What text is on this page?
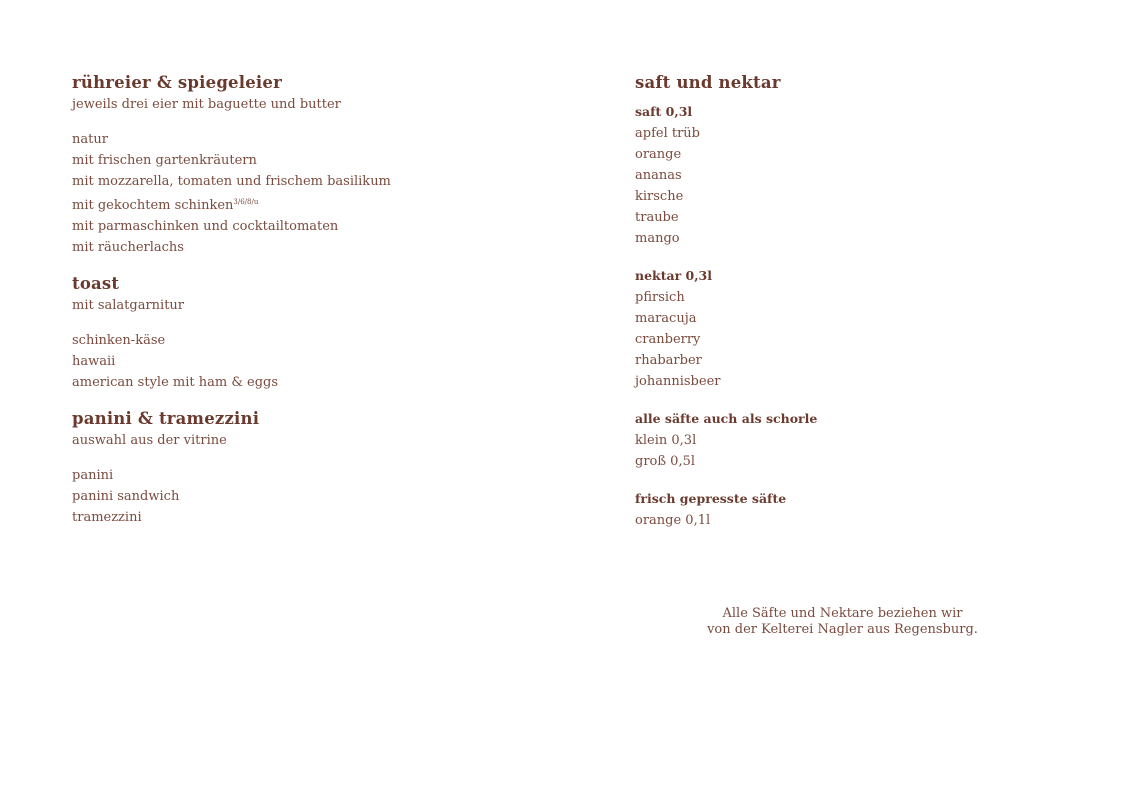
rühreier & spiegeleier

jeweils drei eier mit baguette und butter

natur
mit frischen gartenkräutern
mit mozzarella, tomaten und frischem basilikum
mit gekochtem schinken$^{3/6/8/u}$
mit parmaschinken und cocktailtomaten
mit räucherlachs
toast

mit salatgarnitur

schinken-käse
hawaii
american style mit ham & eggs
panini & tramezzini

auswahl aus der vitrine

panini
panini sandwich
tramezzini
saft und nektar
saft 0,3l
apfel trüb
orange
ananas
kirsche
traube
mango
nektar 0,3l
pfirsich
maracuja
cranberry
rhabarber
johannisbeer
alle säfte auch als schorle
klein 0,3l
groß 0,5l
frisch gepresste säfte
orange 0,1l
Alle Säfte und Nektare beziehen wir
von der Kelterei Nagler aus Regensburg.
